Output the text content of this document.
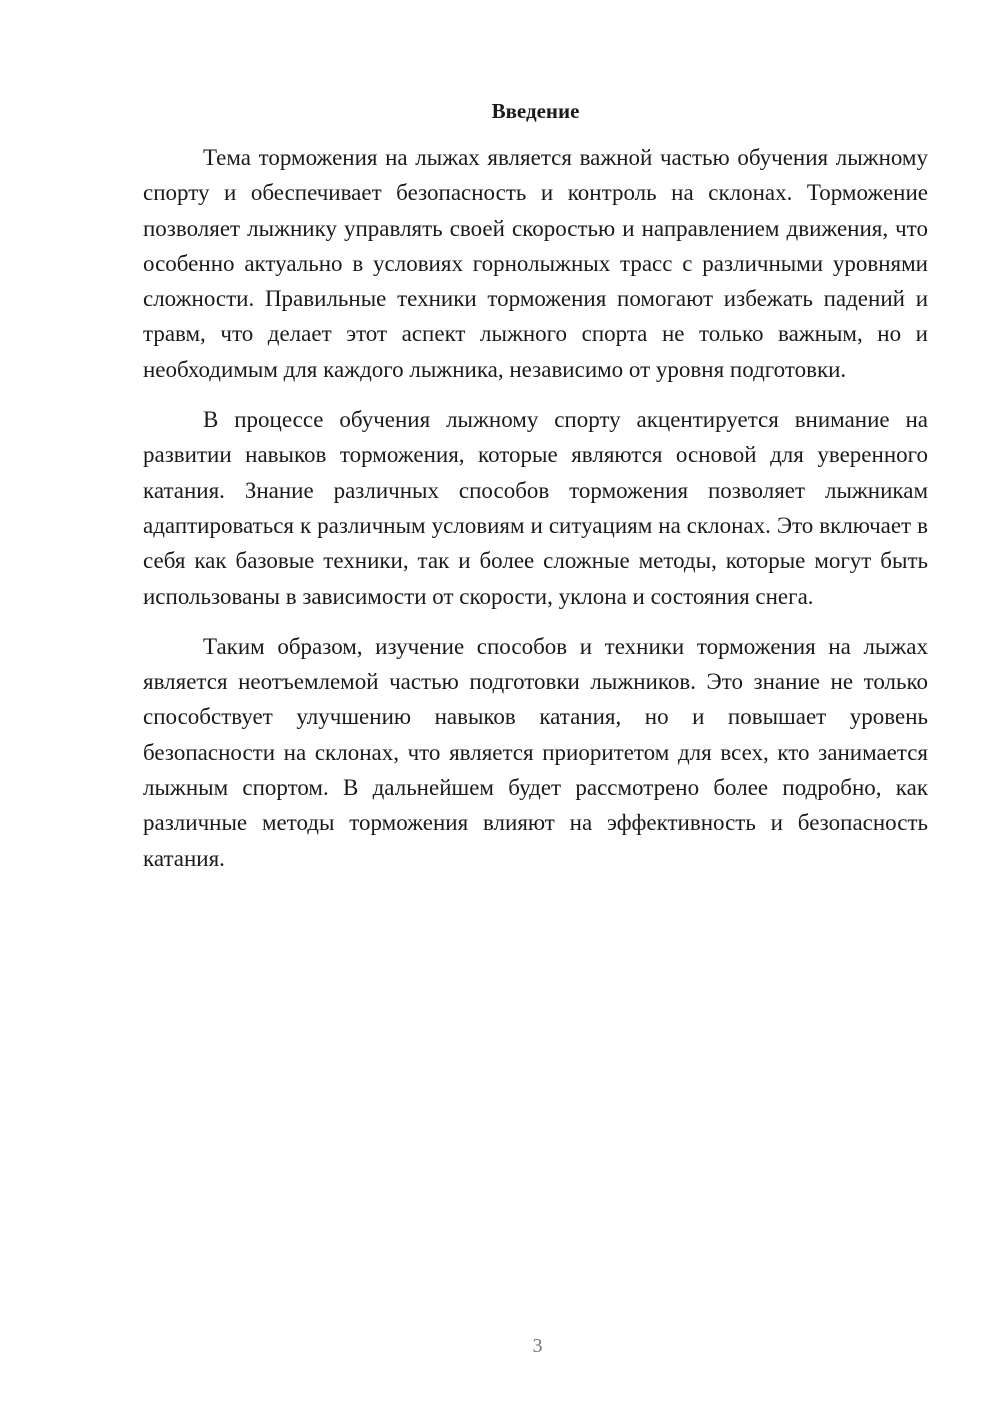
Введение

Тема торможения на лыжах является важной частью обучения лыжному спорту и обеспечивает безопасность и контроль на склонах. Торможение позволяет лыжнику управлять своей скоростью и направлением движения, что особенно актуально в условиях горнолыжных трасс с различными уровнями сложности. Правильные техники торможения помогают избежать падений и травм, что делает этот аспект лыжного спорта не только важным, но и необходимым для каждого лыжника, независимо от уровня подготовки.

В процессе обучения лыжному спорту акцентируется внимание на развитии навыков торможения, которые являются основой для уверенного катания. Знание различных способов торможения позволяет лыжникам адаптироваться к различным условиям и ситуациям на склонах. Это включает в себя как базовые техники, так и более сложные методы, которые могут быть использованы в зависимости от скорости, уклона и состояния снега.

Таким образом, изучение способов и техники торможения на лыжах является неотъемлемой частью подготовки лыжников. Это знание не только способствует улучшению навыков катания, но и повышает уровень безопасности на склонах, что является приоритетом для всех, кто занимается лыжным спортом. В дальнейшем будет рассмотрено более подробно, как различные методы торможения влияют на эффективность и безопасность катания.

3
